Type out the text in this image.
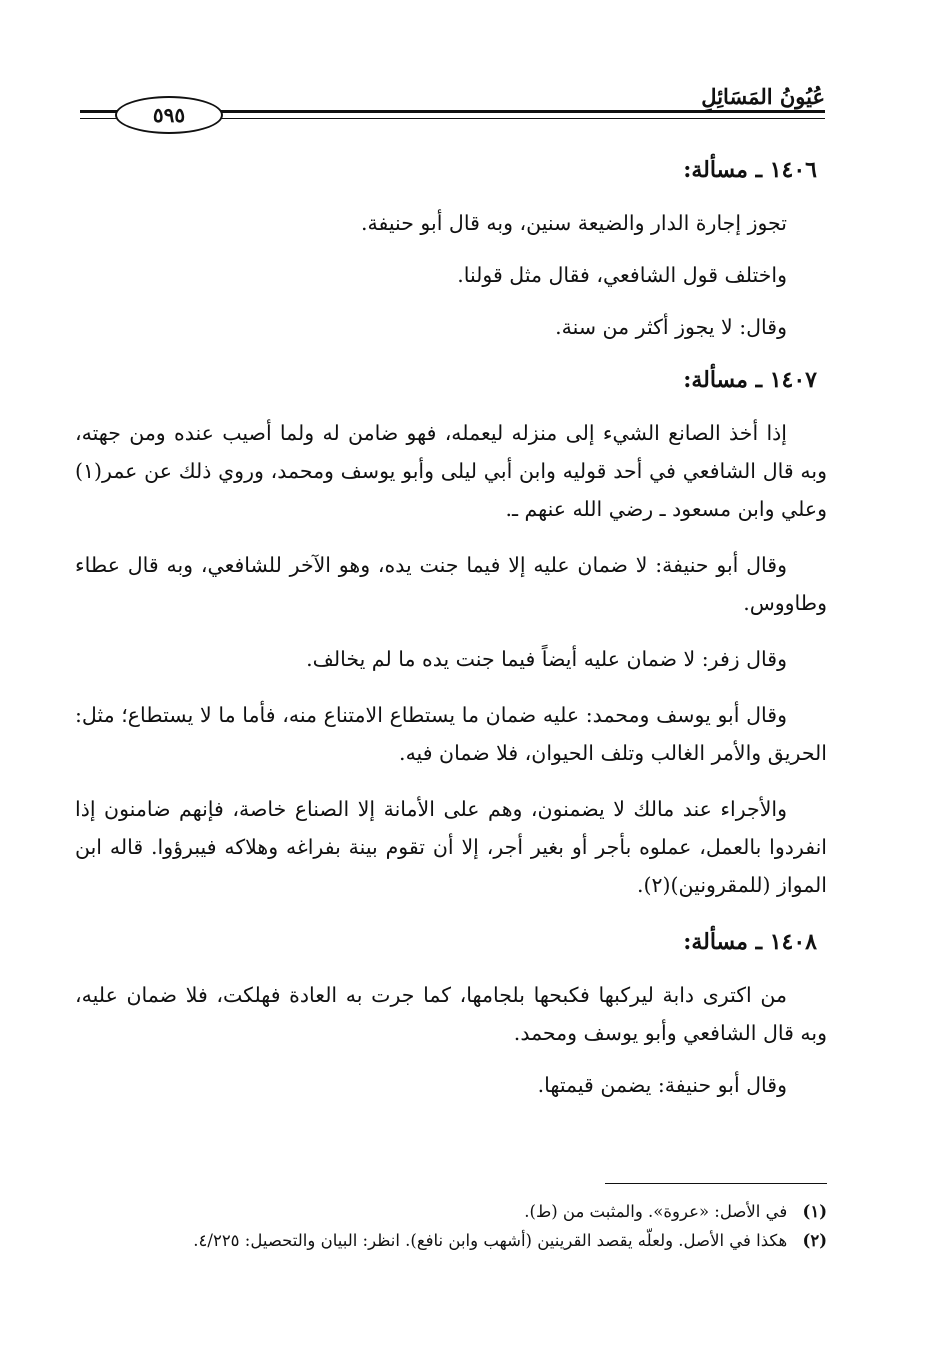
٥٩٥
عُيُونُ المَسَائِلِ

١٤٠٦ ـ مسألة:

تجوز إجارة الدار والضيعة سنين، وبه قال أبو حنيفة.

واختلف قول الشافعي، فقال مثل قولنا.

وقال: لا يجوز أكثر من سنة.

١٤٠٧ ـ مسألة:

إذا أخذ الصانع الشيء إلى منزله ليعمله، فهو ضامن له ولما أصيب عنده ومن جهته، وبه قال الشافعي في أحد قوليه وابن أبي ليلى وأبو يوسف ومحمد، وروي ذلك عن عمر(١) وعلي وابن مسعود ـ رضي الله عنهم ـ.

وقال أبو حنيفة: لا ضمان عليه إلا فيما جنت يده، وهو الآخر للشافعي، وبه قال عطاء وطاووس.

وقال زفر: لا ضمان عليه أيضاً فيما جنت يده ما لم يخالف.

وقال أبو يوسف ومحمد: عليه ضمان ما يستطاع الامتناع منه، فأما ما لا يستطاع؛ مثل: الحريق والأمر الغالب وتلف الحيوان، فلا ضمان فيه.

والأجراء عند مالك لا يضمنون، وهم على الأمانة إلا الصناع خاصة، فإنهم ضامنون إذا انفردوا بالعمل، عملوه بأجر أو بغير أجر، إلا أن تقوم بينة بفراغه وهلاكه فيبرؤوا. قاله ابن المواز (للمقرونين)(٢).

١٤٠٨ ـ مسألة:

من اكترى دابة ليركبها فكبحها بلجامها، كما جرت به العادة فهلكت، فلا ضمان عليه، وبه قال الشافعي وأبو يوسف ومحمد.

وقال أبو حنيفة: يضمن قيمتها.

(١) في الأصل: «عروة». والمثبت من (ط).

(٢) هكذا في الأصل. ولعلّه يقصد القرينين (أشهب وابن نافع). انظر: البيان والتحصيل: ٤/٢٢٥.
